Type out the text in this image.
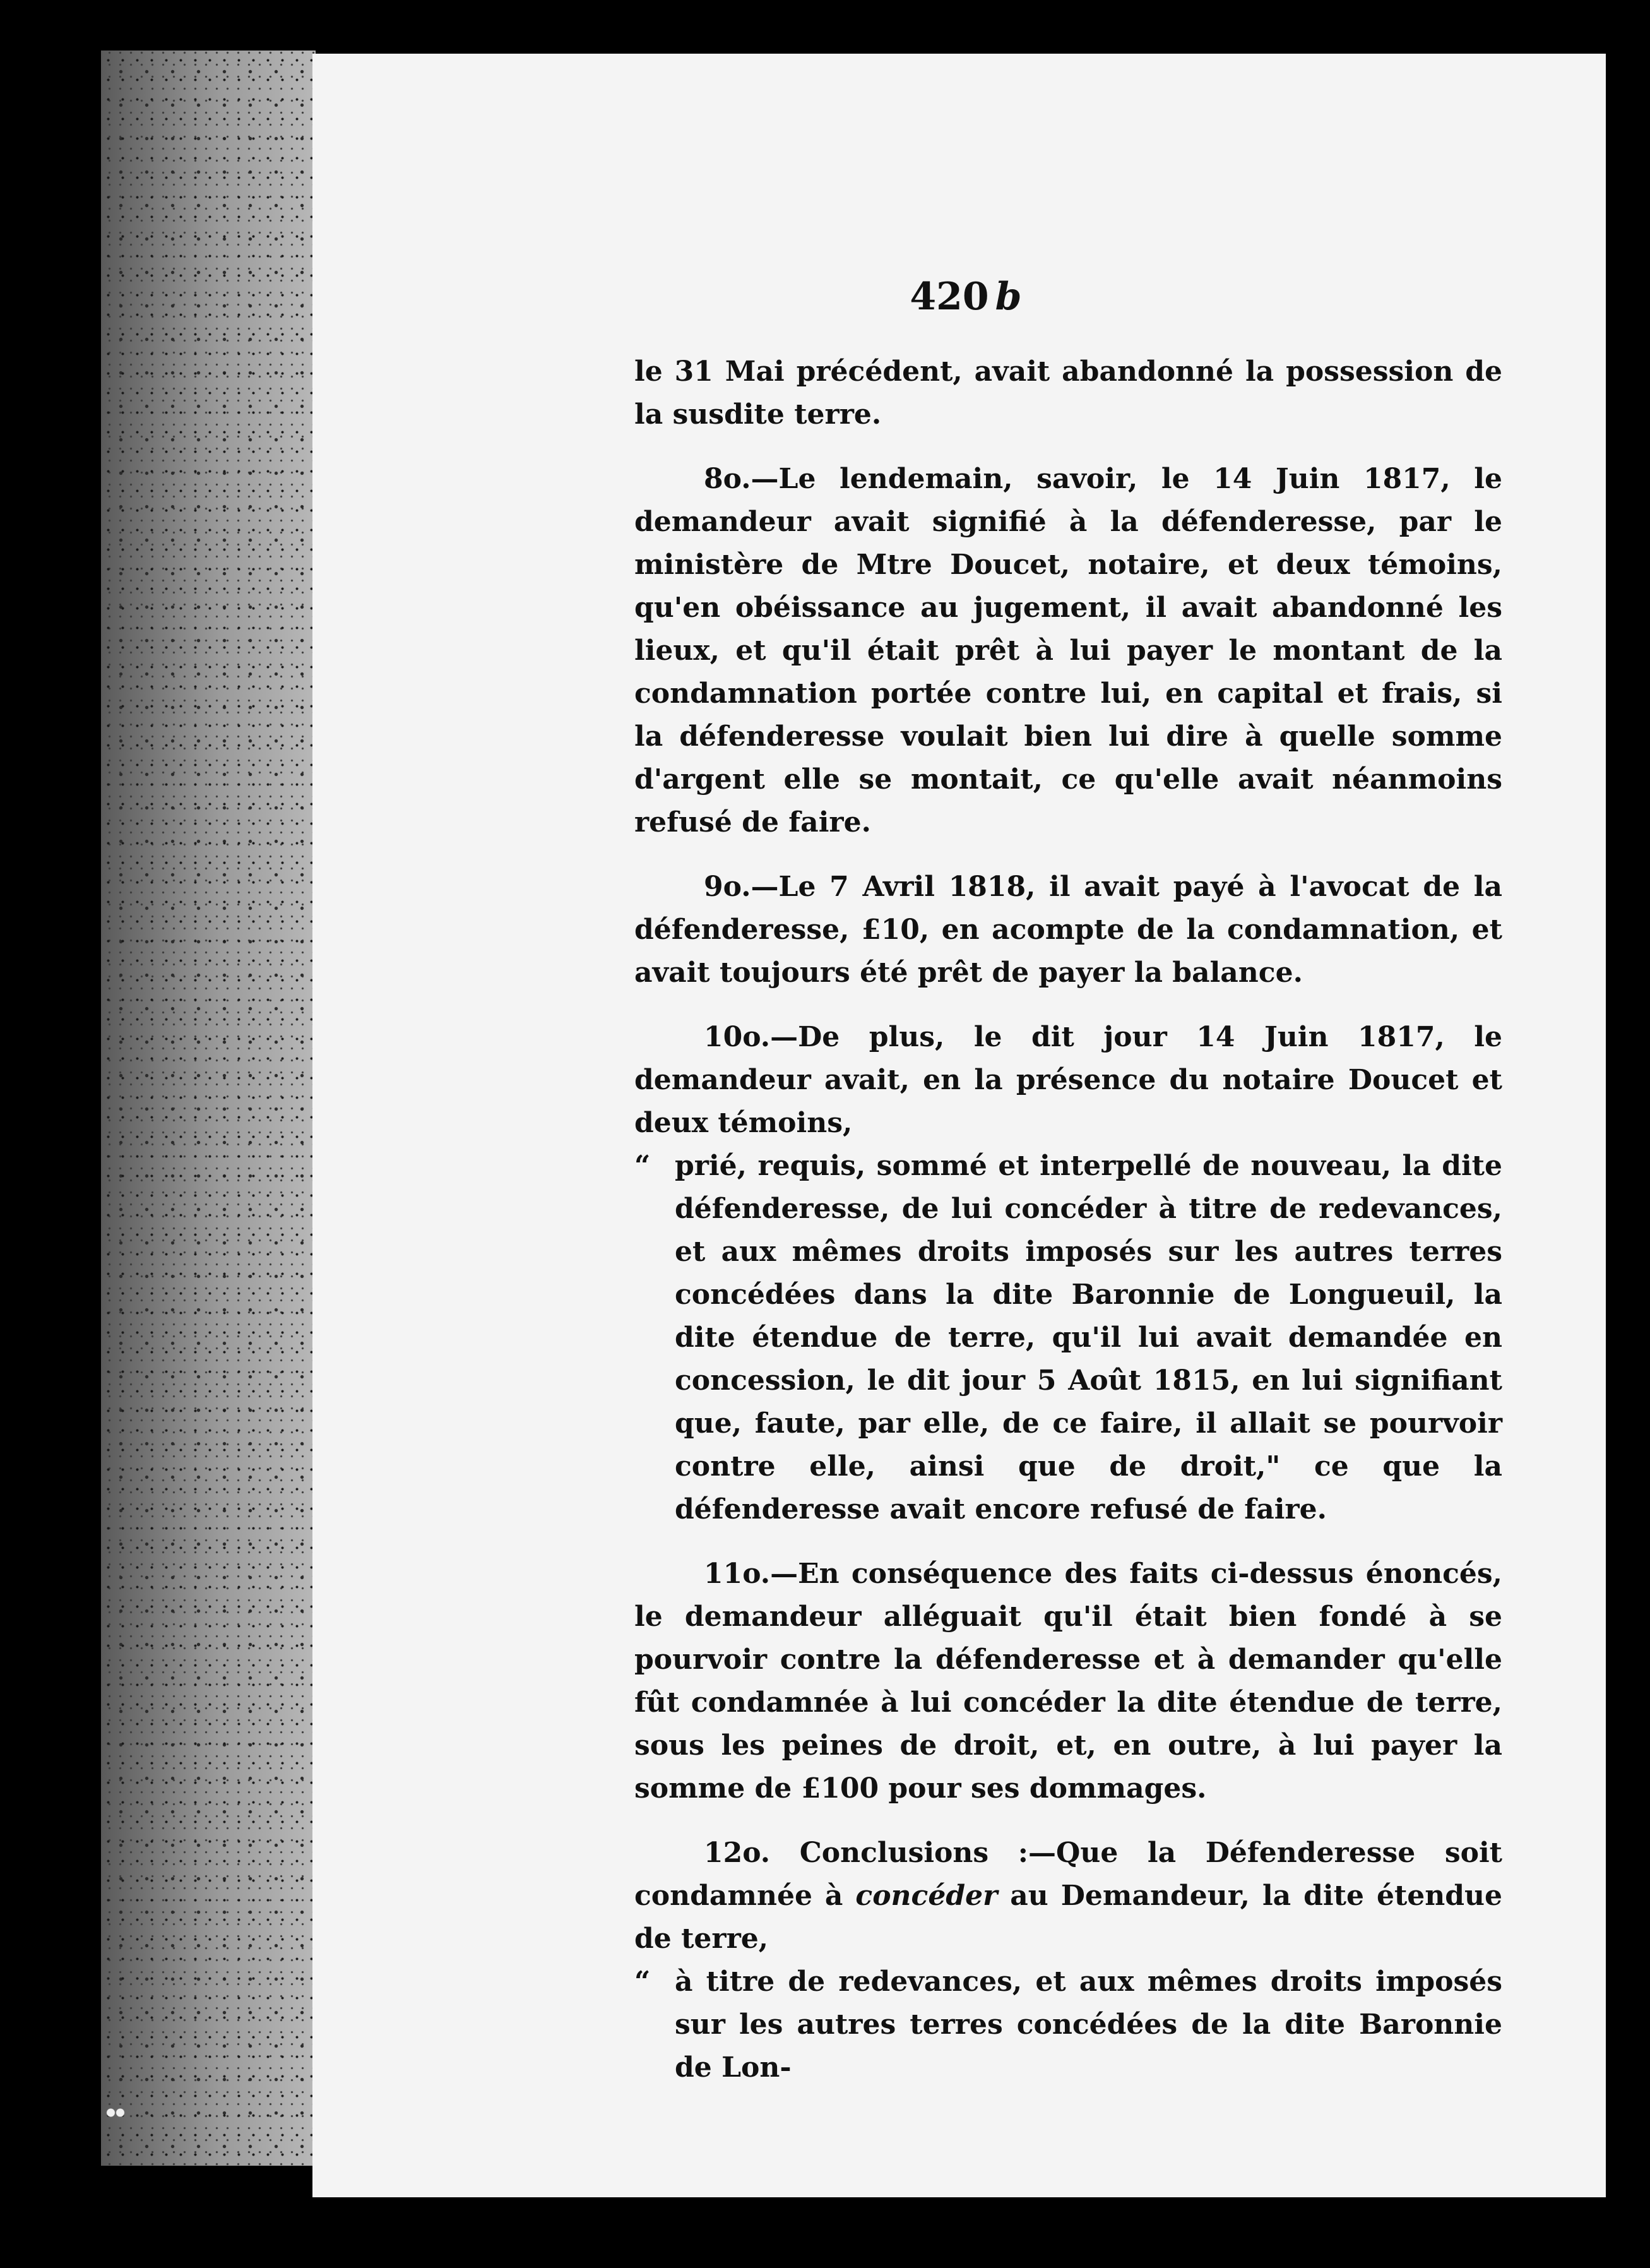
420 b

le 31 Mai précédent, avait abandonné la possession de la susdite terre.

8o.—Le lendemain, savoir, le 14 Juin 1817, le demandeur avait signifié à la défenderesse, par le ministère de Mtre Doucet, notaire, et deux témoins, qu'en obéissance au jugement, il avait abandonné les lieux, et qu'il était prêt à lui payer le montant de la condamnation portée contre lui, en capital et frais, si la défenderesse voulait bien lui dire à quelle somme d'argent elle se montait, ce qu'elle avait néanmoins refusé de faire.

9o.—Le 7 Avril 1818, il avait payé à l'avocat de la défenderesse, £10, en acompte de la condamnation, et avait toujours été prêt de payer la balance.

10o.—De plus, le dit jour 14 Juin 1817, le demandeur avait, en la présence du notaire Doucet et deux témoins,
“ prié, requis, sommé et interpellé de nouveau, la dite défenderesse, de lui concéder à titre de redevances, et aux mêmes droits imposés sur les autres terres concédées dans la dite Baronnie de Longueuil, la dite étendue de terre, qu'il lui avait demandée en concession, le dit jour 5 Août 1815, en lui signifiant que, faute, par elle, de ce faire, il allait se pourvoir contre elle, ainsi que de droit," ce que la défenderesse avait encore refusé de faire.

11o.—En conséquence des faits ci-dessus énoncés, le demandeur alléguait qu'il était bien fondé à se pourvoir contre la défenderesse et à demander qu'elle fût condamnée à lui concéder la dite étendue de terre, sous les peines de droit, et, en outre, à lui payer la somme de £100 pour ses dommages.

12o. Conclusions :—Que la Défenderesse soit condamnée à concéder au Demandeur, la dite étendue de terre,
“ à titre de redevances, et aux mêmes droits imposés sur les autres terres concédées de la dite Baronnie de Lon-
